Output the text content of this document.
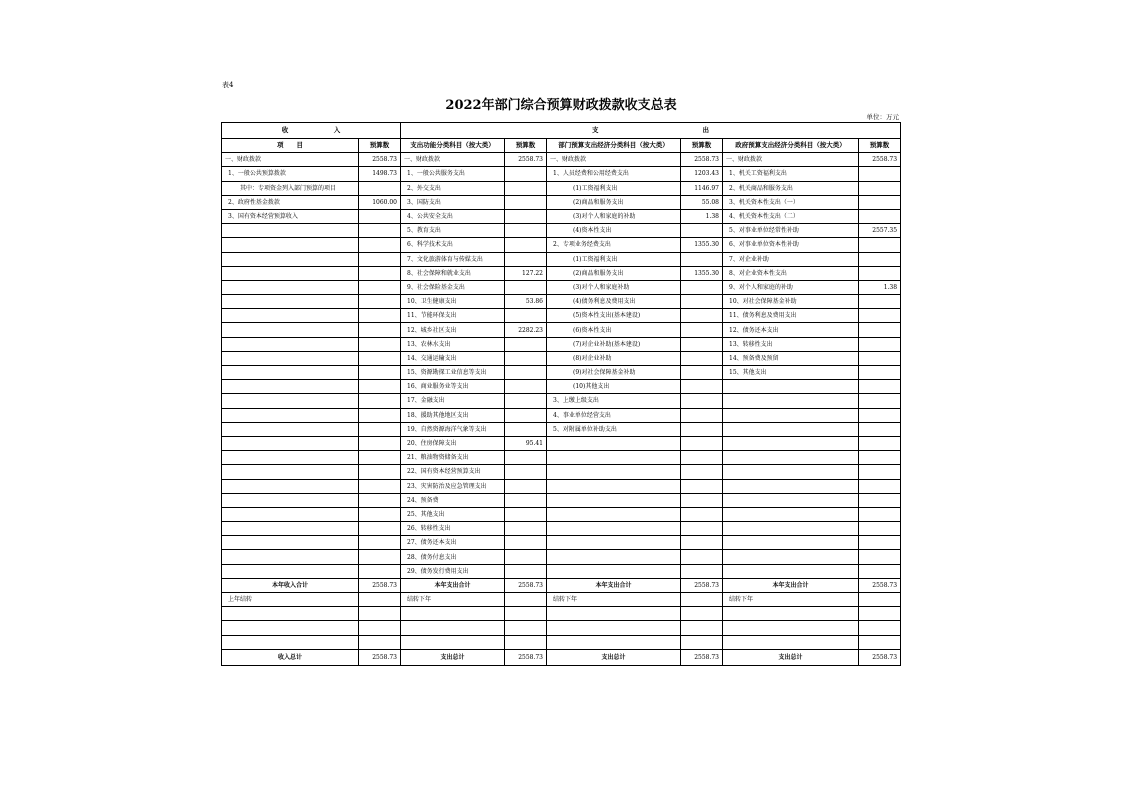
表4
2022年部门综合预算财政拨款收支总表
单位：万元
收　　　　　　　入		支　　　　　　　　　　　　　　　　出					
项　　目	预算数	支出功能分类科目（按大类）	预算数	部门预算支出经济分类科目（按大类）	预算数	政府预算支出经济分类科目（按大类）	预算数
一、财政拨款	2558.73	一、财政拨款	2558.73	一、财政拨款	2558.73	一、财政拨款	2558.73
1、一般公共预算拨款	1498.73	1、一般公共服务支出		1、人员经费和公用经费支出	1203.43	1、机关工资福利支出	
其中：专项资金列入部门预算的项目		2、外交支出		(1)工资福利支出	1146.97	2、机关商品和服务支出	
2、政府性基金拨款	1060.00	3、国防支出		(2)商品和服务支出	55.08	3、机关资本性支出（一）	
3、国有资本经营预算收入		4、公共安全支出		(3)对个人和家庭的补助	1.38	4、机关资本性支出（二）	
		5、教育支出		(4)资本性支出		5、对事业单位经常性补助	2557.35
		6、科学技术支出		2、专项业务经费支出	1355.30	6、对事业单位资本性补助	
		7、文化旅游体育与传媒支出		(1)工资福利支出		7、对企业补助	
		8、社会保障和就业支出	127.22	(2)商品和服务支出	1355.30	8、对企业资本性支出	
		9、社会保险基金支出		(3)对个人和家庭补助		9、对个人和家庭的补助	1.38
		10、卫生健康支出	53.86	(4)债务利息及费用支出		10、对社会保障基金补助	
		11、节能环保支出		(5)资本性支出(基本建设)		11、债务利息及费用支出	
		12、城乡社区支出	2282.23	(6)资本性支出		12、债务还本支出	
		13、农林水支出		(7)对企业补助(基本建设)		13、转移性支出	
		14、交通运输支出		(8)对企业补助		14、预备费及预留	
		15、资源勘探工业信息等支出		(9)对社会保障基金补助		15、其他支出	
		16、商业服务业等支出		(10)其他支出			
		17、金融支出		3、上缴上级支出			
		18、援助其他地区支出		4、事业单位经营支出			
		19、自然资源海洋气象等支出		5、对附属单位补助支出			
		20、住房保障支出	95.41				
		21、粮油物资储备支出					
		22、国有资本经营预算支出					
		23、灾害防治及应急管理支出					
		24、预备费					
		25、其他支出					
		26、转移性支出					
		27、债务还本支出					
		28、债务付息支出					
		29、债务发行费用支出					
本年收入合计	2558.73	本年支出合计	2558.73	本年支出合计	2558.73	本年支出合计	2558.73
上年结转		结转下年		结转下年		结转下年	

收入总计	2558.73	支出总计	2558.73	支出总计	2558.73	支出总计	2558.73
